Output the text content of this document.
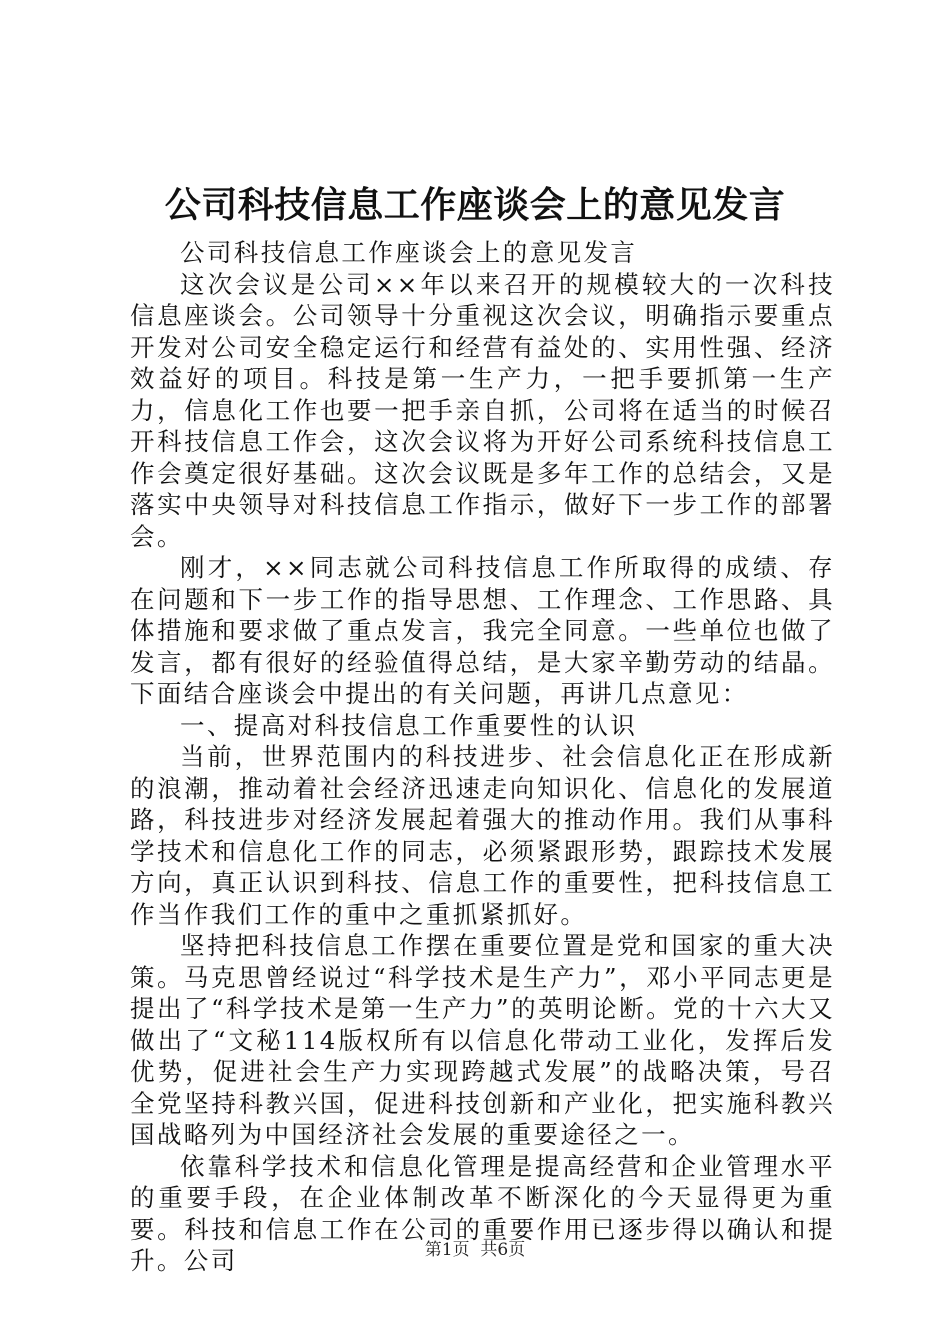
公司科技信息工作座谈会上的意见发言

公司科技信息工作座谈会上的意见发言

这次会议是公司××年以来召开的规模较大的一次科技信息座谈会。公司领导十分重视这次会议，明确指示要重点开发对公司安全稳定运行和经营有益处的、实用性强、经济效益好的项目。科技是第一生产力，一把手要抓第一生产力，信息化工作也要一把手亲自抓，公司将在适当的时候召开科技信息工作会，这次会议将为开好公司系统科技信息工作会奠定很好基础。这次会议既是多年工作的总结会，又是落实中央领导对科技信息工作指示，做好下一步工作的部署会。

刚才，××同志就公司科技信息工作所取得的成绩、存在问题和下一步工作的指导思想、工作理念、工作思路、具体措施和要求做了重点发言，我完全同意。一些单位也做了发言，都有很好的经验值得总结，是大家辛勤劳动的结晶。下面结合座谈会中提出的有关问题，再讲几点意见：

一、提高对科技信息工作重要性的认识

当前，世界范围内的科技进步、社会信息化正在形成新的浪潮，推动着社会经济迅速走向知识化、信息化的发展道路，科技进步对经济发展起着强大的推动作用。我们从事科学技术和信息化工作的同志，必须紧跟形势，跟踪技术发展方向，真正认识到科技、信息工作的重要性，把科技信息工作当作我们工作的重中之重抓紧抓好。

坚持把科技信息工作摆在重要位置是党和国家的重大决策。马克思曾经说过“科学技术是生产力”，邓小平同志更是提出了“科学技术是第一生产力”的英明论断。党的十六大又做出了“文秘114版权所有以信息化带动工业化，发挥后发优势，促进社会生产力实现跨越式发展”的战略决策，号召全党坚持科教兴国，促进科技创新和产业化，把实施科教兴国战略列为中国经济社会发展的重要途径之一。

依靠科学技术和信息化管理是提高经营和企业管理水平的重要手段，在企业体制改革不断深化的今天显得更为重要。科技和信息工作在公司的重要作用已逐步得以确认和提升。公司	第1页  共6页
